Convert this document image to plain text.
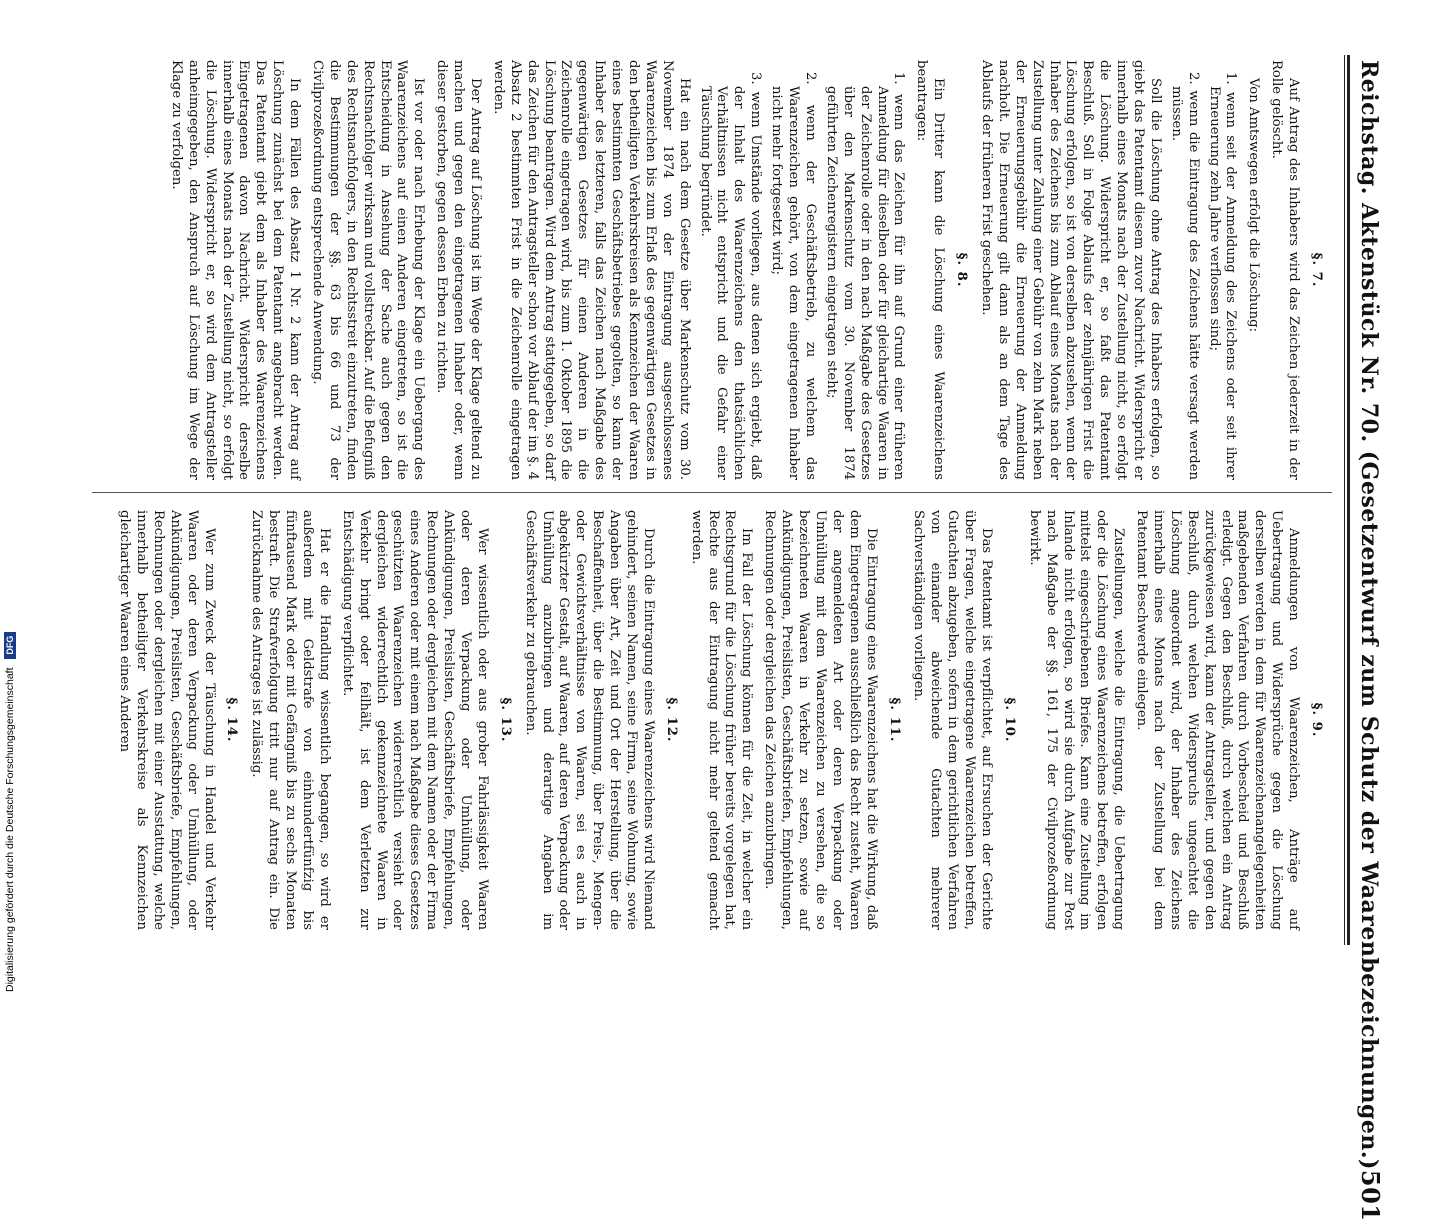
Reichstag. Aktenstück Nr. 70. (Gesetzentwurf zum Schutz der Waarenbezeichnungen.)
501

§. 7.

Auf Antrag des Inhabers wird das Zeichen jederzeit in der Rolle gelöscht.

Von Amtswegen erfolgt die Löschung:

1. wenn seit der Anmeldung des Zeichens oder seit ihrer Erneuerung zehn Jahre verflossen sind;

2. wenn die Eintragung des Zeichens hätte versagt werden müssen.

Soll die Löschung ohne Antrag des Inhabers erfolgen, so giebt das Patentamt diesem zuvor Nachricht. Widerspricht er innerhalb eines Monats nach der Zustellung nicht, so erfolgt die Löschung. Widerspricht er, so faßt das Patentamt Beschluß. Soll in Folge Ablaufs der zehnjährigen Frist die Löschung erfolgen, so ist von derselben abzusehen, wenn der Inhaber des Zeichens bis zum Ablauf eines Monats nach der Zustellung unter Zahlung einer Gebühr von zehn Mark neben der Erneuerungsgebühr die Erneuerung der Anmeldung nachholt. Die Erneuerung gilt dann als an dem Tage des Ablaufs der früheren Frist geschehen.

§. 8.

Ein Dritter kann die Löschung eines Waarenzeichens beantragen:

1. wenn das Zeichen für ihn auf Grund einer früheren Anmeldung für dieselben oder für gleichartige Waaren in der Zeichenrolle oder in den nach Maßgabe des Gesetzes über den Markenschutz vom 30. November 1874 geführten Zeichenregistern eingetragen steht;

2. wenn der Geschäftsbetrieb, zu welchem das Waarenzeichen gehört, von dem eingetragenen Inhaber nicht mehr fortgesetzt wird;

3. wenn Umstände vorliegen, aus denen sich ergiebt, daß der Inhalt des Waarenzeichens den thatsächlichen Verhältnissen nicht entspricht und die Gefahr einer Täuschung begründet.

Hat ein nach dem Gesetze über Markenschutz vom 30. November 1874 von der Eintragung ausgeschlossenes Waarenzeichen bis zum Erlaß des gegenwärtigen Gesetzes in den betheiligten Verkehrskreisen als Kennzeichen der Waaren eines bestimmten Geschäftsbetriebes gegolten, so kann der Inhaber des letzteren, falls das Zeichen nach Maßgabe des gegenwärtigen Gesetzes für einen Anderen in die Zeichenrolle eingetragen wird, bis zum 1. Oktober 1895 die Löschung beantragen. Wird dem Antrag stattgegeben, so darf das Zeichen für den Antragsteller schon vor Ablauf der im §. 4 Absatz 2 bestimmten Frist in die Zeichenrolle eingetragen werden.

Der Antrag auf Löschung ist im Wege der Klage geltend zu machen und gegen den eingetragenen Inhaber oder, wenn dieser gestorben, gegen dessen Erben zu richten.

Ist vor oder nach Erhebung der Klage ein Uebergang des Waarenzeichens auf einen Anderen eingetreten, so ist die Entscheidung in Ansehung der Sache auch gegen den Rechtsnachfolger wirksam und vollstreckbar. Auf die Befugniß des Rechtsnachfolgers, in den Rechtsstreit einzutreten, finden die Bestimmungen der §§. 63 bis 66 und 73 der Civilprozeßordnung entsprechende Anwendung.

In dem Fällen des Absatz 1 Nr. 2 kann der Antrag auf Löschung zunächst bei dem Patentamt angebracht werden. Das Patentamt giebt dem als Inhaber des Waarenzeichens Eingetragenen davon Nachricht. Widerspricht derselbe innerhalb eines Monats nach der Zustellung nicht, so erfolgt die Löschung. Widerspricht er, so wird dem Antragsteller anheimgegeben, den Anspruch auf Löschung im Wege der Klage zu verfolgen.

§. 9.

Anmeldungen von Waarenzeichen, Anträge auf Uebertragung und Widersprüche gegen die Löschung derselben werden in dem für Waarenzeichenangelegenheiten maßgebenden Verfahren durch Vorbescheid und Beschluß erledigt. Gegen den Beschluß, durch welchen ein Antrag zurückgewiesen wird, kann der Antragsteller, und gegen den Beschluß, durch welchen Widerspruchs ungeachtet die Löschung angeordnet wird, der Inhaber des Zeichens innerhalb eines Monats nach der Zustellung bei dem Patentamt Beschwerde einlegen.

Zustellungen, welche die Eintragung, die Uebertragung oder die Löschung eines Waarenzeichens betreffen, erfolgen mittelst eingeschriebenen Briefes. Kann eine Zustellung im Inlande nicht erfolgen, so wird sie durch Aufgabe zur Post nach Maßgabe der §§. 161, 175 der Civilprozeßordnung bewirkt.

§. 10.

Das Patentamt ist verpflichtet, auf Ersuchen der Gerichte über Fragen, welche eingetragene Waarenzeichen betreffen, Gutachten abzugeben, sofern in dem gerichtlichen Verfahren von einander abweichende Gutachten mehrerer Sachverständigen vorliegen.

§. 11.

Die Eintragung eines Waarenzeichens hat die Wirkung, daß dem Eingetragenen ausschließlich das Recht zusteht, Waaren der angemeldeten Art oder deren Verpackung oder Umhüllung mit dem Waarenzeichen zu versehen, die so bezeichneten Waaren in Verkehr zu setzen, sowie auf Ankündigungen, Preislisten, Geschäftsbriefen, Empfehlungen, Rechnungen oder dergleichen das Zeichen anzubringen.

Im Fall der Löschung können für die Zeit, in welcher ein Rechtsgrund für die Löschung früher bereits vorgelegen hat, Rechte aus der Eintragung nicht mehr geltend gemacht werden.

§. 12.

Durch die Eintragung eines Waarenzeichens wird Niemand gehindert, seinen Namen, seine Firma, seine Wohnung, sowie Angaben über Art, Zeit und Ort der Herstellung, über die Beschaffenheit, über die Bestimmung, über Preis-, Mengen- oder Gewichtsverhältnisse von Waaren, sei es auch in abgekürzter Gestalt, auf Waaren, auf deren Verpackung oder Umhüllung anzubringen und derartige Angaben im Geschäftsverkehr zu gebrauchen.

§. 13.

Wer wissentlich oder aus grober Fahrlässigkeit Waaren oder deren Verpackung oder Umhüllung, oder Ankündigungen, Preislisten, Geschäftsbriefe, Empfehlungen, Rechnungen oder dergleichen mit dem Namen oder der Firma eines Anderen oder mit einem nach Maßgabe dieses Gesetzes geschützten Waarenzeichen widerrechtlich versieht oder dergleichen widerrechtlich gekennzeichnete Waaren in Verkehr bringt oder feilhält, ist dem Verletzten zur Entschädigung verpflichtet.

Hat er die Handlung wissentlich begangen, so wird er außerdem mit Geldstrafe von einhundertfünfzig bis fünftausend Mark oder mit Gefängniß bis zu sechs Monaten bestraft. Die Strafverfolgung tritt nur auf Antrag ein. Die Zurücknahme des Antrages ist zulässig.

§. 14.

Wer zum Zweck der Täuschung in Handel und Verkehr Waaren oder deren Verpackung oder Umhüllung, oder Ankündigungen, Preislisten, Geschäftsbriefe, Empfehlungen, Rechnungen oder dergleichen mit einer Ausstattung, welche innerhalb betheiligter Verkehrskreise als Kennzeichen gleichartiger Waaren eines Anderen

Digitalisierung gefördert durch die Deutsche Forschungsgemeinschaft DFG
